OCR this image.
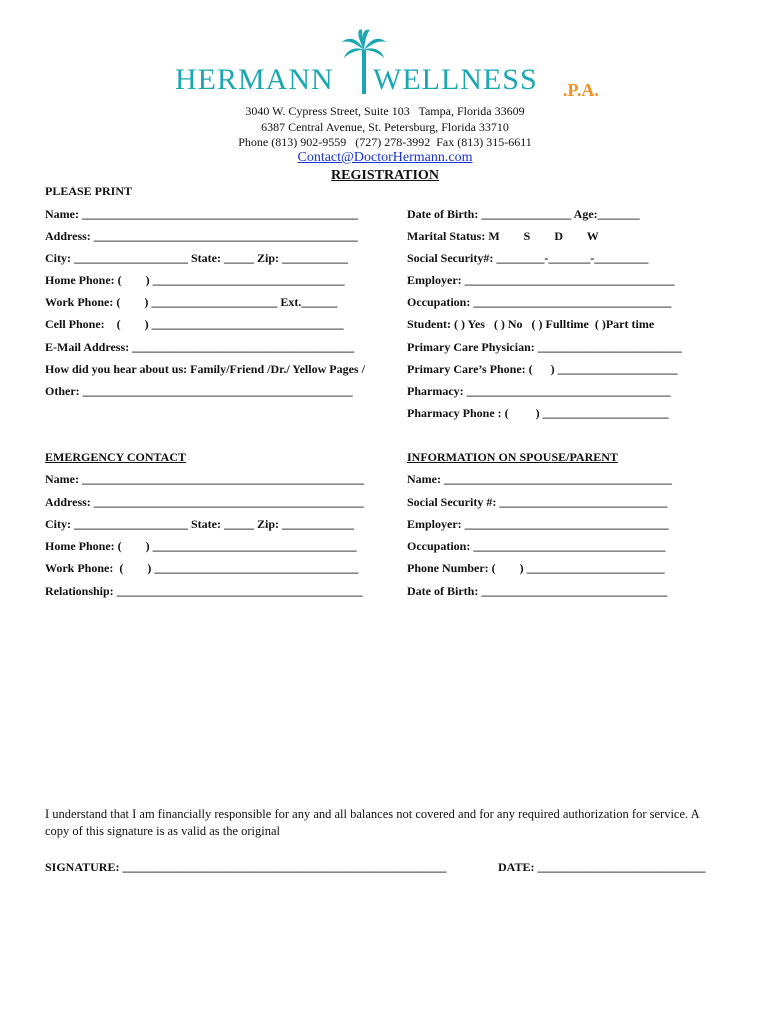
HERMANN

WELLNESS

.P.A.

3040 W. Cypress Street, Suite 103   Tampa, Florida 33609
6387 Central Avenue, St. Petersburg, Florida 33710
Phone (813) 902-9559   (727) 278-3992  Fax (813) 315-6611
Contact@DoctorHermann.com
REGISTRATION
PLEASE PRINT
Name: ______________________________________________
Address: ____________________________________________
City: ___________________ State: _____ Zip: ___________
Home Phone: (        ) ________________________________
Work Phone: (        ) _____________________ Ext.______
Cell Phone:    (        ) ________________________________
E-Mail Address: _____________________________________
How did you hear about us: Family/Friend /Dr./ Yellow Pages /
Other: _____________________________________________
Date of Birth: _______________ Age:_______
Marital Status: M        S        D        W
Social Security#: ________-_______-_________
Employer: ___________________________________
Occupation: _________________________________
Student: ( ) Yes   ( ) No   ( ) Fulltime  ( )Part time
Primary Care Physician: ________________________
Primary Care’s Phone: (      ) ____________________
Pharmacy: __________________________________
Pharmacy Phone : (         ) _____________________
EMERGENCY CONTACT
Name: _______________________________________________
Address: _____________________________________________
City: ___________________ State: _____ Zip: ____________
Home Phone: (        ) __________________________________
Work Phone:  (        ) __________________________________
Relationship: _________________________________________
INFORMATION ON SPOUSE/PARENT
Name: ______________________________________
Social Security #: ____________________________
Employer: __________________________________
Occupation: ________________________________
Phone Number: (        ) _______________________
Date of Birth: _______________________________
I understand that I am financially responsible for any and all balances not covered and for any required authorization for service. A copy of this signature is as valid as the original
SIGNATURE: ______________________________________________________	DATE: ____________________________
